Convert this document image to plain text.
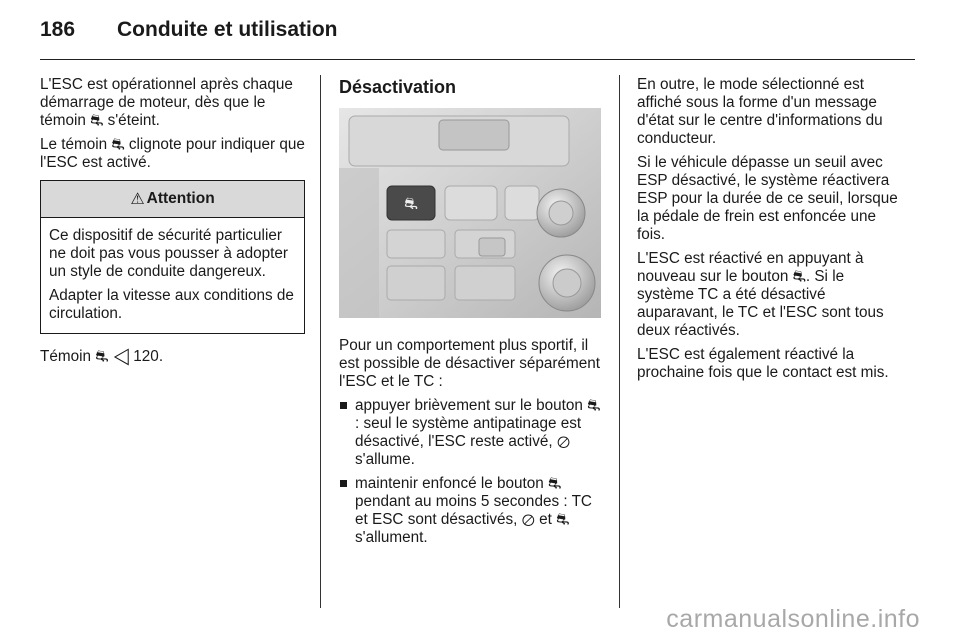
186 Conduite et utilisation

L'ESC est opérationnel après chaque démarrage de moteur, dès que le témoin ⛐ s'éteint.

Le témoin ⛐ clignote pour indiquer que l'ESC est activé.

⚠ Attention

Ce dispositif de sécurité particulier ne doit pas vous pousser à adopter un style de conduite dangereux.

Adapter la vitesse aux conditions de circulation.

Témoin ⛐ ◁ 120.

Désactivation
⛐

Pour un comportement plus sportif, il est possible de désactiver séparément l'ESC et le TC :

appuyer brièvement sur le bouton ⛐ : seul le système antipatinage est désactivé, l'ESC reste activé, ⊘ s'allume.
maintenir enfoncé le bouton ⛐ pendant au moins 5 secondes : TC et ESC sont désactivés, ⊘ et ⛐ s'allument.

En outre, le mode sélectionné est affiché sous la forme d'un message d'état sur le centre d'informations du conducteur.

Si le véhicule dépasse un seuil avec ESP désactivé, le système réactivera ESP pour la durée de ce seuil, lorsque la pédale de frein est enfoncée une fois.

L'ESC est réactivé en appuyant à nouveau sur le bouton ⛐. Si le système TC a été désactivé auparavant, le TC et l'ESC sont tous deux réactivés.

L'ESC est également réactivé la prochaine fois que le contact est mis.

carmanualsonline.info
